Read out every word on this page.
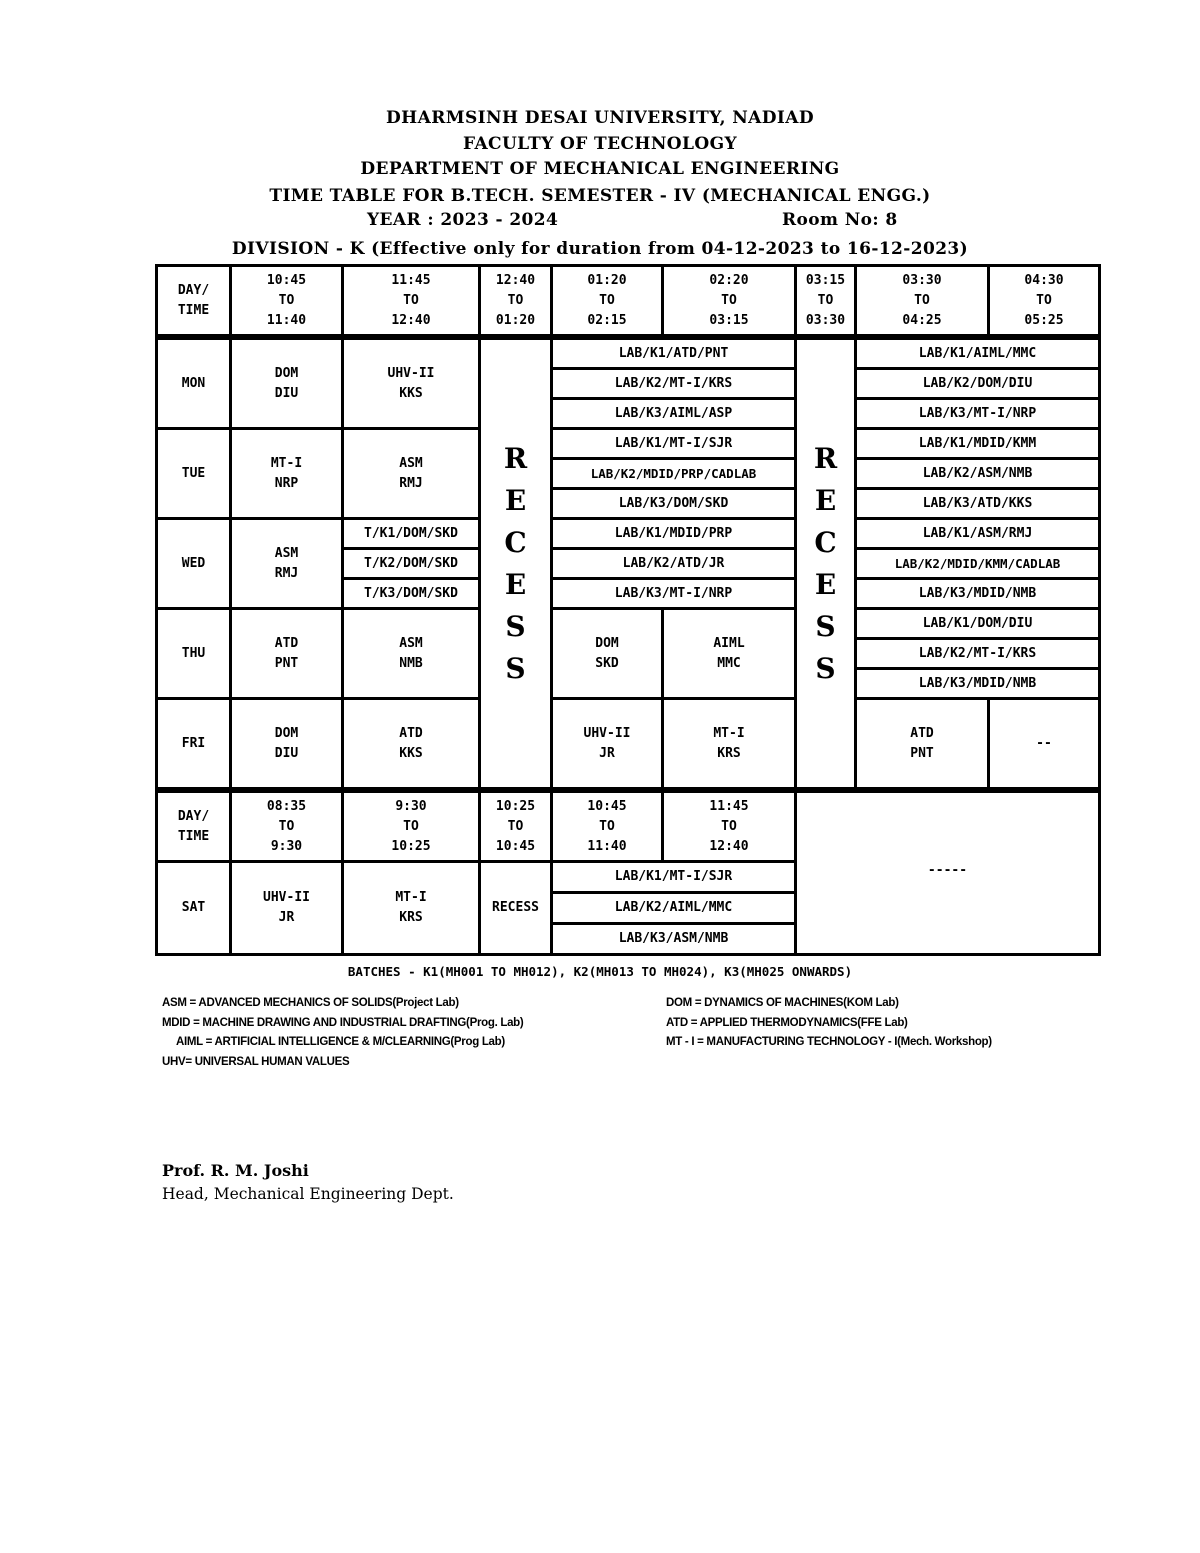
DHARMSINH DESAI UNIVERSITY, NADIAD
FACULTY OF TECHNOLOGY
DEPARTMENT OF MECHANICAL ENGINEERING
TIME TABLE FOR B.TECH. SEMESTER - IV (MECHANICAL ENGG.)
YEAR : 2023 - 2024	Room No: 8
DIVISION - K (Effective only for duration from 04-12-2023 to 16-12-2023)
DAY/
TIME
10:45
TO
11:40
11:45
TO
12:40
12:40
TO
01:20
01:20
TO
02:15
02:20
TO
03:15
03:15
TO
03:30
03:30
TO
04:25
04:30
TO
05:25
MON
TUE
WED
THU
FRI
R
E
C
E
S
S
R
E
C
E
S
S
DOM
DIU
UHV-II
KKS
LAB/K1/ATD/PNT
LAB/K2/MT-I/KRS
LAB/K3/AIML/ASP
LAB/K1/AIML/MMC
LAB/K2/DOM/DIU
LAB/K3/MT-I/NRP
MT-I
NRP
ASM
RMJ
LAB/K1/MT-I/SJR
LAB/K2/MDID/PRP/CADLAB
LAB/K3/DOM/SKD
LAB/K1/MDID/KMM
LAB/K2/ASM/NMB
LAB/K3/ATD/KKS
ASM
RMJ
T/K1/DOM/SKD
T/K2/DOM/SKD
T/K3/DOM/SKD
LAB/K1/MDID/PRP
LAB/K2/ATD/JR
LAB/K3/MT-I/NRP
LAB/K1/ASM/RMJ
LAB/K2/MDID/KMM/CADLAB
LAB/K3/MDID/NMB
ATD
PNT
ASM
NMB
DOM
SKD
AIML
MMC
LAB/K1/DOM/DIU
LAB/K2/MT-I/KRS
LAB/K3/MDID/NMB
DOM
DIU
ATD
KKS
UHV-II
JR
MT-I
KRS
ATD
PNT
--
DAY/
TIME
08:35
TO
9:30
9:30
TO
10:25
10:25
TO
10:45
10:45
TO
11:40
11:45
TO
12:40
-----
SAT
UHV-II
JR
MT-I
KRS
RECESS
LAB/K1/MT-I/SJR
LAB/K2/AIML/MMC
LAB/K3/ASM/NMB
BATCHES - K1(MH001 TO MH012), K2(MH013 TO MH024), K3(MH025 ONWARDS)
ASM = ADVANCED MECHANICS OF SOLIDS(Project Lab)
MDID = MACHINE DRAWING AND INDUSTRIAL DRAFTING(Prog. Lab)
AIML = ARTIFICIAL INTELLIGENCE & M/CLEARNING(Prog Lab)
UHV= UNIVERSAL HUMAN VALUES
DOM = DYNAMICS OF MACHINES(KOM Lab)
ATD = APPLIED THERMODYNAMICS(FFE Lab)
MT - I = MANUFACTURING TECHNOLOGY - I(Mech. Workshop)
Prof. R. M. Joshi
Head, Mechanical Engineering Dept.
